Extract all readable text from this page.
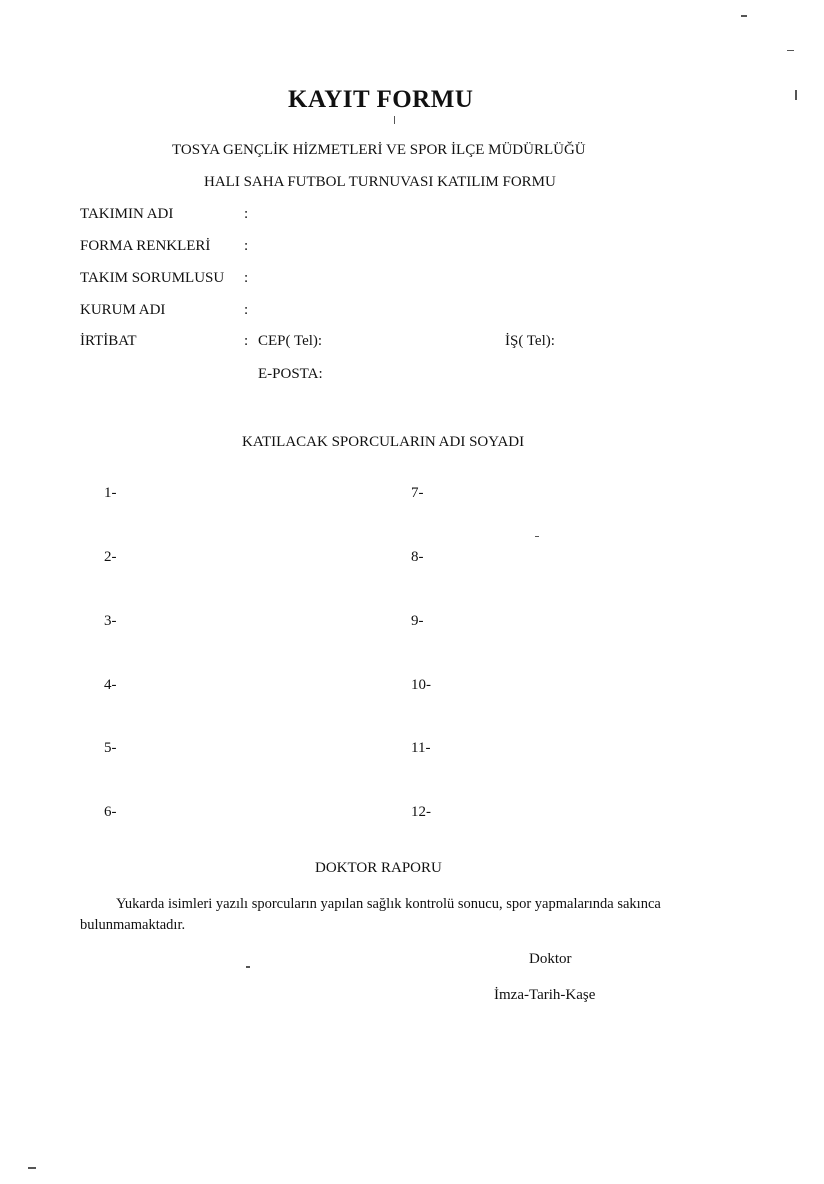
KAYIT FORMU
TOSYA GENÇLİK HİZMETLERİ VE SPOR İLÇE MÜDÜRLÜĞÜ
HALI SAHA FUTBOL TURNUVASI KATILIM FORMU
TAKIMIN ADI	:
FORMA RENKLERİ :
TAKIM SORUMLUSU :
KURUM ADI	:
İRTİBAT	: CEP( Tel):	İŞ( Tel):
E-POSTA:
KATILACAK SPORCULARIN ADI SOYADI
1-
2-
3-
4-
5-
6-
7-
8-
9-
10-
11-
12-
DOKTOR RAPORU
Yukarda isimleri yazılı sporcuların yapılan sağlık kontrolü sonucu, spor yapmalarında sakınca bulunmamaktadır.
Doktor
İmza-Tarih-Kaşe
